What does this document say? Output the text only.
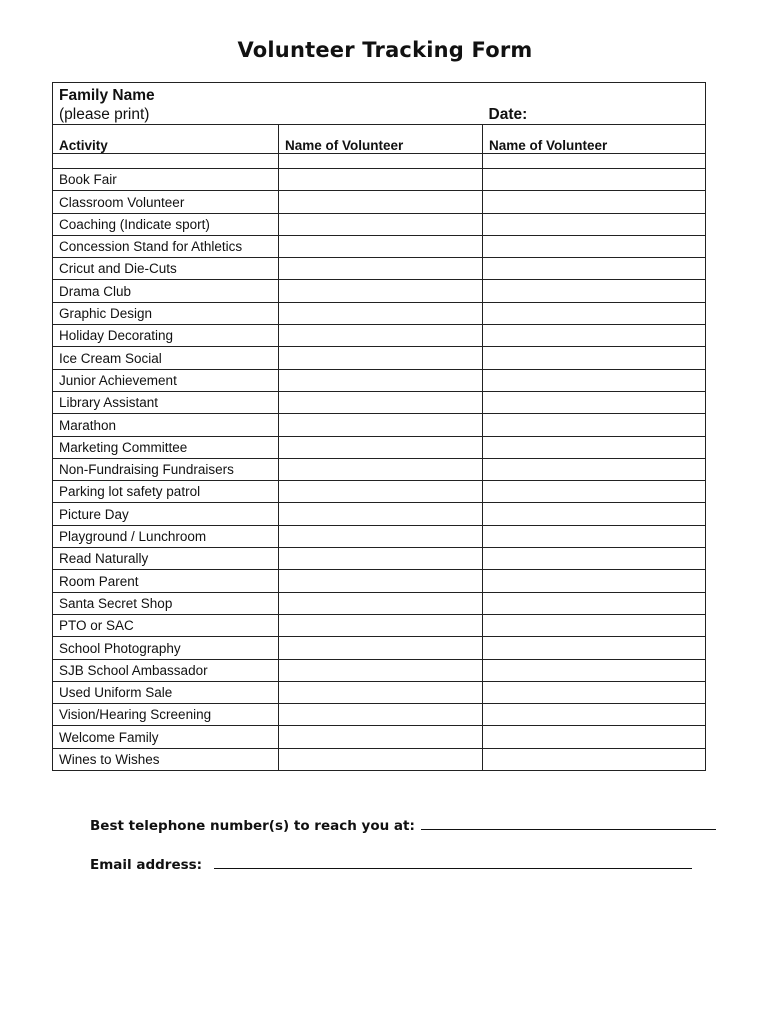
Volunteer Tracking Form
Family Name
(please print)		Date:
Activity	Name of Volunteer	Name of Volunteer

Book Fair		
Classroom Volunteer		
Coaching (Indicate sport)		
Concession Stand for Athletics		
Cricut and Die-Cuts		
Drama Club		
Graphic Design		
Holiday Decorating		
Ice Cream Social		
Junior Achievement		
Library Assistant		
Marathon		
Marketing Committee		
Non-Fundraising Fundraisers		
Parking lot safety patrol		
Picture Day		
Playground / Lunchroom		
Read Naturally		
Room Parent		
Santa Secret Shop		
PTO or SAC		
School Photography		
SJB School Ambassador		
Used Uniform Sale		
Vision/Hearing Screening		
Welcome Family		
Wines to Wishes		
Best telephone number(s) to reach you at:
Email address:
